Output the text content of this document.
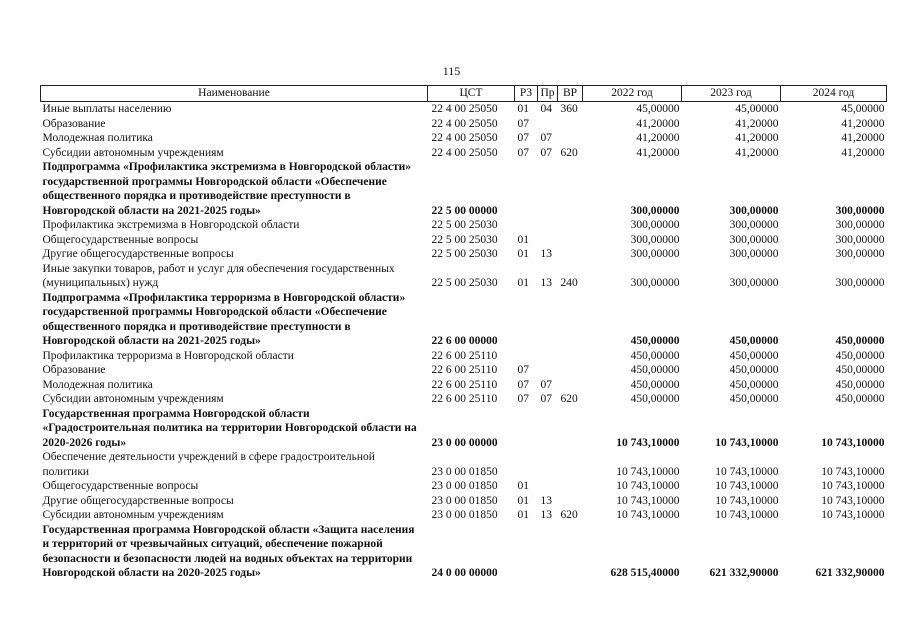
115
Наименование	ЦСТ	РЗ	Пр	ВР	2022 год	2023 год	2024 год
Иные выплаты населению	22 4 00 25050	01	04	360	45,00000	45,00000	45,00000
Образование	22 4 00 25050	07			41,20000	41,20000	41,20000
Молодежная политика	22 4 00 25050	07	07		41,20000	41,20000	41,20000
Субсидии автономным учреждениям	22 4 00 25050	07	07	620	41,20000	41,20000	41,20000
Подпрограмма «Профилактика экстремизма в Новгородской области» государственной программы Новгородской области «Обеспечение общественного порядка и противодействие преступности в Новгородской области на 2021-2025 годы»	22 5 00 00000				300,00000	300,00000	300,00000
Профилактика экстремизма в Новгородской области	22 5 00 25030				300,00000	300,00000	300,00000
Общегосударственные вопросы	22 5 00 25030	01			300,00000	300,00000	300,00000
Другие общегосударственные вопросы	22 5 00 25030	01	13		300,00000	300,00000	300,00000
Иные закупки товаров, работ и услуг для обеспечения государственных (муниципальных) нужд	22 5 00 25030	01	13	240	300,00000	300,00000	300,00000
Подпрограмма «Профилактика терроризма в Новгородской области» государственной программы Новгородской области «Обеспечение общественного порядка и противодействие преступности в Новгородской области на 2021-2025 годы»	22 6 00 00000				450,00000	450,00000	450,00000
Профилактика терроризма в Новгородской области	22 6 00 25110				450,00000	450,00000	450,00000
Образование	22 6 00 25110	07			450,00000	450,00000	450,00000
Молодежная политика	22 6 00 25110	07	07		450,00000	450,00000	450,00000
Субсидии автономным учреждениям	22 6 00 25110	07	07	620	450,00000	450,00000	450,00000
Государственная программа Новгородской области «Градостроительная политика на территории Новгородской области на 2020-2026 годы»	23 0 00 00000				10 743,10000	10 743,10000	10 743,10000
Обеспечение деятельности учреждений в сфере градостроительной политики	23 0 00 01850				10 743,10000	10 743,10000	10 743,10000
Общегосударственные вопросы	23 0 00 01850	01			10 743,10000	10 743,10000	10 743,10000
Другие общегосударственные вопросы	23 0 00 01850	01	13		10 743,10000	10 743,10000	10 743,10000
Субсидии автономным учреждениям	23 0 00 01850	01	13	620	10 743,10000	10 743,10000	10 743,10000
Государственная программа Новгородской области «Защита населения и территорий от чрезвычайных ситуаций, обеспечение пожарной безопасности и безопасности людей на водных объектах на территории Новгородской области на 2020-2025 годы»	24 0 00 00000				628 515,40000	621 332,90000	621 332,90000
